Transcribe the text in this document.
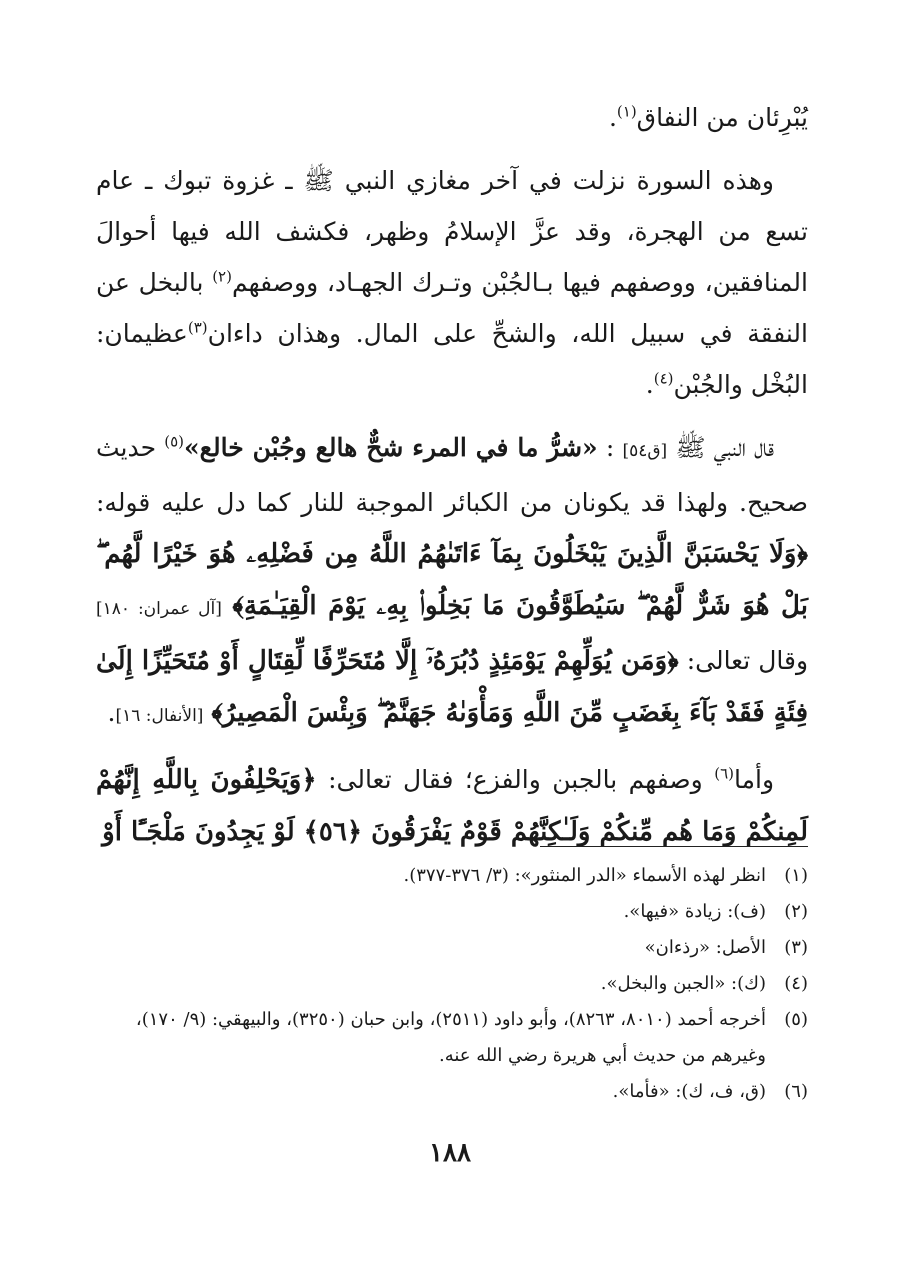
يُبْرِئان من النفاق$^{(١)}$.

وهذه السورة نزلت في آخر مغازي النبي ﷺ ـ غزوة تبوك ـ عام تسع من الهجرة، وقد عزَّ الإسلامُ وظهر، فكشف الله فيها أحوالَ المنافقين، ووصفهم فيها بـالجُبْن وتـرك الجهـاد، ووصفهم$^{(٢)}$ بالبخل عن النفقة في سبيل الله، والشحِّ على المال. وهذان داءان$^{(٣)}$عظيمان: البُخْل والجُبْن$^{(٤)}$.

قال النبي ﷺ [ق٥٤] : «شرُّ ما في المرء شحٌّ هالع وجُبْن خالع»$^{(٥)}$ حديث صحيح. ولهذا قد يكونان من الكبائر الموجبة للنار كما دل عليه قوله: ﴿وَلَا يَحْسَبَنَّ الَّذِينَ يَبْخَلُونَ بِمَآ ءَاتَىٰهُمُ اللَّهُ مِن فَضْلِهِۦ هُوَ خَيْرًا لَّهُم ۖ بَلْ هُوَ شَرٌّ لَّهُمْ ۖ سَيُطَوَّقُونَ مَا بَخِلُوا۟ بِهِۦ يَوْمَ الْقِيَـٰمَةِ﴾ [آل عمران: ١٨٠] وقال تعالى: ﴿وَمَن يُوَلِّهِمْ يَوْمَئِذٍ دُبُرَهُۥٓ إِلَّا مُتَحَرِّفًا لِّقِتَالٍ أَوْ مُتَحَيِّزًا إِلَىٰ فِئَةٍ فَقَدْ بَآءَ بِغَضَبٍ مِّنَ اللَّهِ وَمَأْوَىٰهُ جَهَنَّمُ ۖ وَبِئْسَ الْمَصِيرُ﴾ [الأنفال: ١٦].

وأما$^{(٦)}$ وصفهم بالجبن والفزع؛ فقال تعالى: ﴿وَيَحْلِفُونَ بِاللَّهِ إِنَّهُمْ لَمِنكُمْ وَمَا هُم مِّنكُمْ وَلَـٰكِنَّهُمْ قَوْمٌ يَفْرَقُونَ ﴿٥٦﴾ لَوْ يَجِدُونَ مَلْجَـًٔا أَوْ

(١)
انظر لهذه الأسماء «الدر المنثور»: (٣/ ٣٧٦-٣٧٧).
(٢)
(ف): زيادة «فيها».
(٣)
الأصل: «رذءان»
(٤)
(ك): «الجبن والبخل».
(٥)
أخرجه أحمد (٨٠١٠، ٨٢٦٣)، وأبو داود (٢٥١١)، وابن حبان (٣٢٥٠)، والبيهقي: (٩/ ١٧٠)، وغيرهم من حديث أبي هريرة رضي الله عنه.
(٦)
(ق، ف، ك): «فأما».
١٨٨
